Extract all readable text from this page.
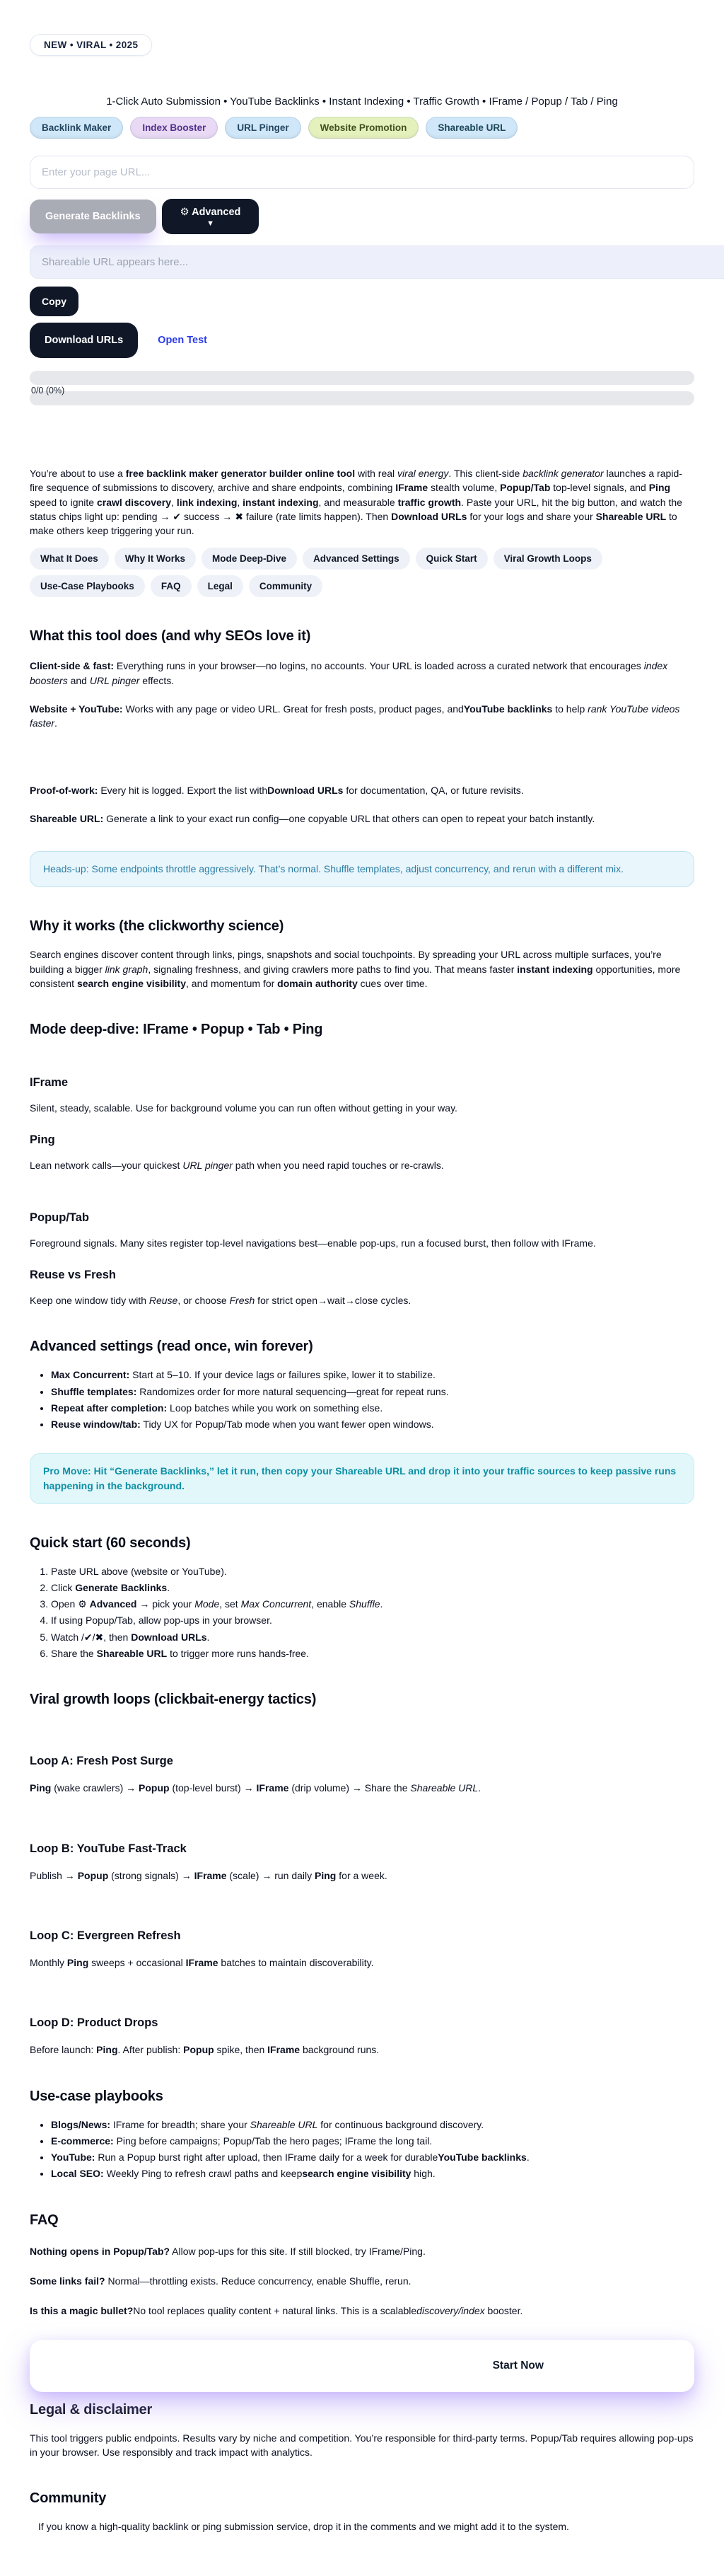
NEW • VIRAL • 2025
1-Click Auto Submission • YouTube Backlinks • Instant Indexing • Traffic Growth • IFrame / Popup / Tab / Ping
Backlink Maker	Index Booster	URL Pinger	Website Promotion	Shareable URL
Enter your page URL...
Generate Backlinks	⚙ Advanced
▼
Shareable URL appears here... Copy
Download URLs	Open Test
0/0 (0%)

You’re about to use a free backlink maker generator builder online tool with real viral energy. This client-side backlink generator launches a rapid-fire sequence of submissions to discovery, archive and share endpoints, combining IFrame stealth volume, Popup/Tab top-level signals, and Ping speed to ignite crawl discovery, link indexing, instant indexing, and measurable traffic growth. Paste your URL, hit the big button, and watch the status chips light up: pending → ✔ success → ✖ failure (rate limits happen). Then Download URLs for your logs and share your Shareable URL to make others keep triggering your run.

What It Does	Why It Works	Mode Deep-Dive	Advanced Settings	Quick Start	Viral Growth Loops
Use-Case Playbooks	FAQ	Legal	Community
What this tool does (and why SEOs love it)

Client-side & fast: Everything runs in your browser—no logins, no accounts. Your URL is loaded across a curated network that encourages index boosters and URL pinger effects.

Website + YouTube: Works with any page or video URL. Great for fresh posts, product pages, andYouTube backlinks to help rank YouTube videos faster.

Proof-of-work: Every hit is logged. Export the list withDownload URLs for documentation, QA, or future revisits.

Shareable URL: Generate a link to your exact run config—one copyable URL that others can open to repeat your batch instantly.

Heads-up: Some endpoints throttle aggressively. That’s normal. Shuffle templates, adjust concurrency, and rerun with a different mix.
Why it works (the clickworthy science)

Search engines discover content through links, pings, snapshots and social touchpoints. By spreading your URL across multiple surfaces, you’re building a bigger link graph, signaling freshness, and giving crawlers more paths to find you. That means faster instant indexing opportunities, more consistent search engine visibility, and momentum for domain authority cues over time.

Mode deep-dive: IFrame • Popup • Tab • Ping
IFrame

Silent, steady, scalable. Use for background volume you can run often without getting in your way.

Ping

Lean network calls—your quickest URL pinger path when you need rapid touches or re-crawls.

Popup/Tab

Foreground signals. Many sites register top-level navigations best—enable pop-ups, run a focused burst, then follow with IFrame.

Reuse vs Fresh

Keep one window tidy with Reuse, or choose Fresh for strict open→wait→close cycles.

Advanced settings (read once, win forever)
• Max Concurrent: Start at 5–10. If your device lags or failures spike, lower it to stabilize.
• Shuffle templates: Randomizes order for more natural sequencing—great for repeat runs.
• Repeat after completion: Loop batches while you work on something else.
• Reuse window/tab: Tidy UX for Popup/Tab mode when you want fewer open windows.
Pro Move: Hit “Generate Backlinks,” let it run, then copy your Shareable URL and drop it into your traffic sources to keep passive runs happening in the background.
Quick start (60 seconds)
1. Paste URL above (website or YouTube).
2. Click Generate Backlinks.
3. Open ⚙ Advanced → pick your Mode, set Max Concurrent, enable Shuffle.
4. If using Popup/Tab, allow pop-ups in your browser.
5. Watch /✔/✖, then Download URLs.
6. Share the Shareable URL to trigger more runs hands-free.
Viral growth loops (clickbait-energy tactics)
Loop A: Fresh Post Surge

Ping (wake crawlers) → Popup (top-level burst) → IFrame (drip volume) → Share the Shareable URL.

Loop B: YouTube Fast-Track

Publish → Popup (strong signals) → IFrame (scale) → run daily Ping for a week.

Loop C: Evergreen Refresh

Monthly Ping sweeps + occasional IFrame batches to maintain discoverability.

Loop D: Product Drops

Before launch: Ping. After publish: Popup spike, then IFrame background runs.

Use-case playbooks
• Blogs/News: IFrame for breadth; share your Shareable URL for continuous background discovery.
• E-commerce: Ping before campaigns; Popup/Tab the hero pages; IFrame the long tail.
• YouTube: Run a Popup burst right after upload, then IFrame daily for a week for durableYouTube backlinks.
• Local SEO: Weekly Ping to refresh crawl paths and keepsearch engine visibility high.
FAQ

Nothing opens in Popup/Tab? Allow pop-ups for this site. If still blocked, try IFrame/Ping.

Some links fail? Normal—throttling exists. Reduce concurrency, enable Shuffle, rerun.

Is this a magic bullet?No tool replaces quality content + natural links. This is a scalablediscovery/index booster.

Start Now
Legal & disclaimer

This tool triggers public endpoints. Results vary by niche and competition. You’re responsible for third-party terms. Popup/Tab requires allowing pop-ups in your browser. Use responsibly and track impact with analytics.

Community

If you know a high-quality backlink or ping submission service, drop it in the comments and we might add it to the system.
